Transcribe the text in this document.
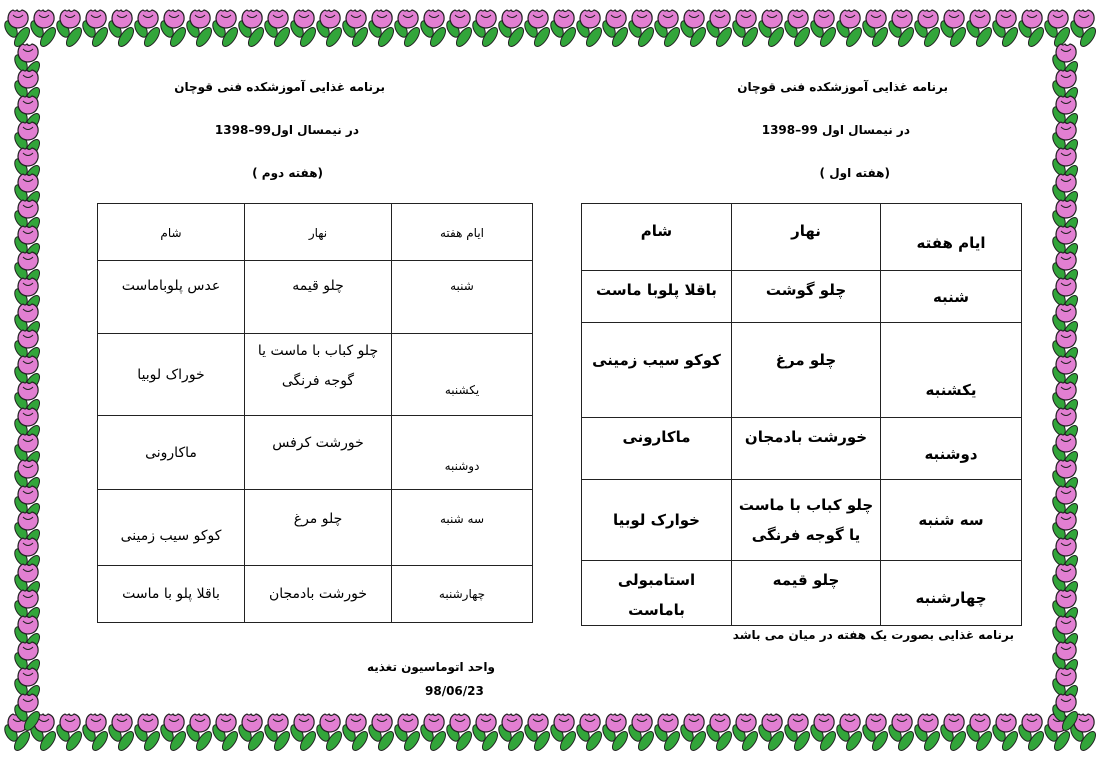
برنامه غذایی آموزشکده فنی قوچان
در نیمسال اول 99–1398
(هفته اول )
ایام هفته	نهار	شام
شنبه	چلو گوشت	باقلا پلوبا ماست
یکشنبه	چلو مرغ	کوکو سیب زمینی
دوشنبه	خورشت بادمجان	ماکارونی
سه شنبه	چلو کباب با ماست یا گوجه فرنگی	خوارک لوبیا
چهارشنبه	چلو قیمه	استامبولی باماست
برنامه غذایی بصورت یک هفته در میان می باشد
برنامه غذایی آموزشکده فنی قوچان
در نیمسال اول99–1398
(هفته دوم )
ایام هفته	نهار	شام
شنبه	چلو قیمه	عدس پلوباماست
یکشنبه	چلو کباب با ماست یا گوجه فرنگی	خوراک لوبیا
دوشنبه	خورشت کرفس	ماکارونی
سه شنبه	چلو مرغ	کوکو سیب زمینی
چهارشنبه	خورشت بادمجان	باقلا پلو با ماست
واحد اتوماسیون تغذیه
98/06/23
